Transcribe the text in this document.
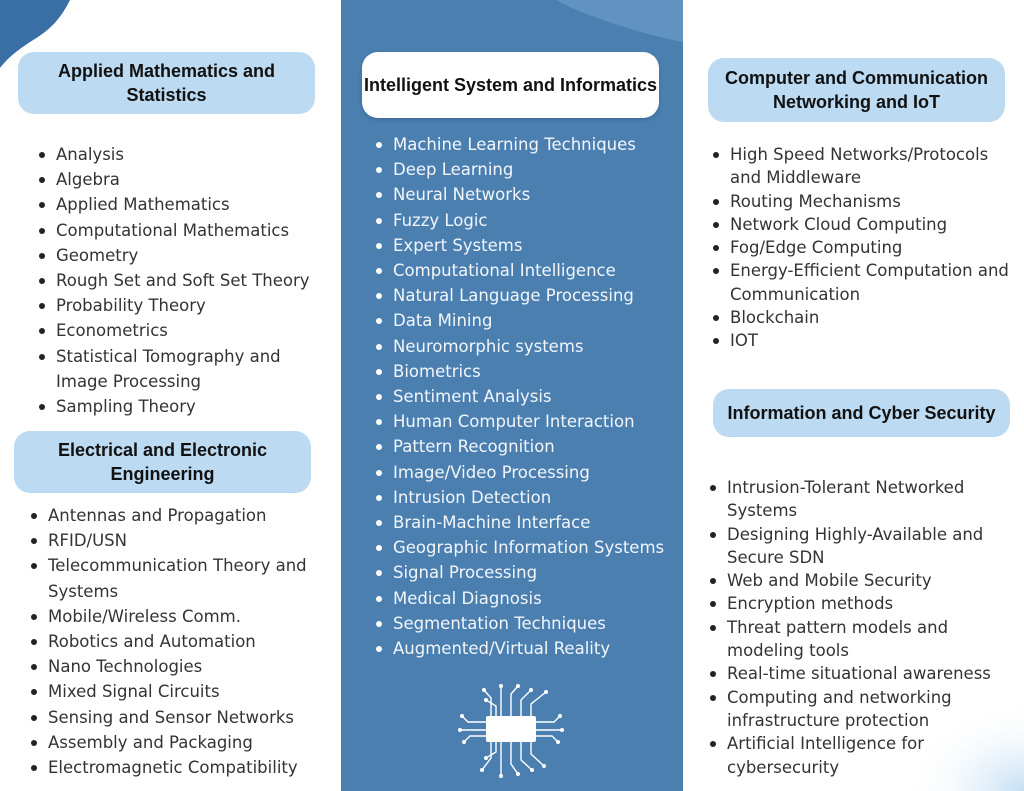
Applied Mathematics and Statistics
Analysis
Algebra
Applied Mathematics
Computational Mathematics
Geometry
Rough Set and Soft Set Theory
Probability Theory
Econometrics
Statistical Tomography and Image Processing
Sampling Theory
Electrical and Electronic Engineering
Antennas and Propagation
RFID/USN
Telecommunication Theory and Systems
Mobile/Wireless Comm.
Robotics and Automation
Nano Technologies
Mixed Signal Circuits
Sensing and Sensor Networks
Assembly and Packaging
Electromagnetic Compatibility
Intelligent System and Informatics
Machine Learning Techniques
Deep Learning
Neural Networks
Fuzzy Logic
Expert Systems
Computational Intelligence
Natural Language Processing
Data Mining
Neuromorphic systems
Biometrics
Sentiment Analysis
Human Computer Interaction
Pattern Recognition
Image/Video Processing
Intrusion Detection
Brain-Machine Interface
Geographic Information Systems
Signal Processing
Medical Diagnosis
Segmentation Techniques
Augmented/Virtual Reality
Computer and Communication Networking and IoT
High Speed Networks/Protocols and Middleware
Routing Mechanisms
Network Cloud Computing
Fog/Edge Computing
Energy-Efficient Computation and Communication
Blockchain
IOT
Information and Cyber Security
Intrusion-Tolerant Networked Systems
Designing Highly-Available and Secure SDN
Web and Mobile Security
Encryption methods
Threat pattern models and modeling tools
Real-time situational awareness
Computing and networking infrastructure protection
Artificial Intelligence for cybersecurity
